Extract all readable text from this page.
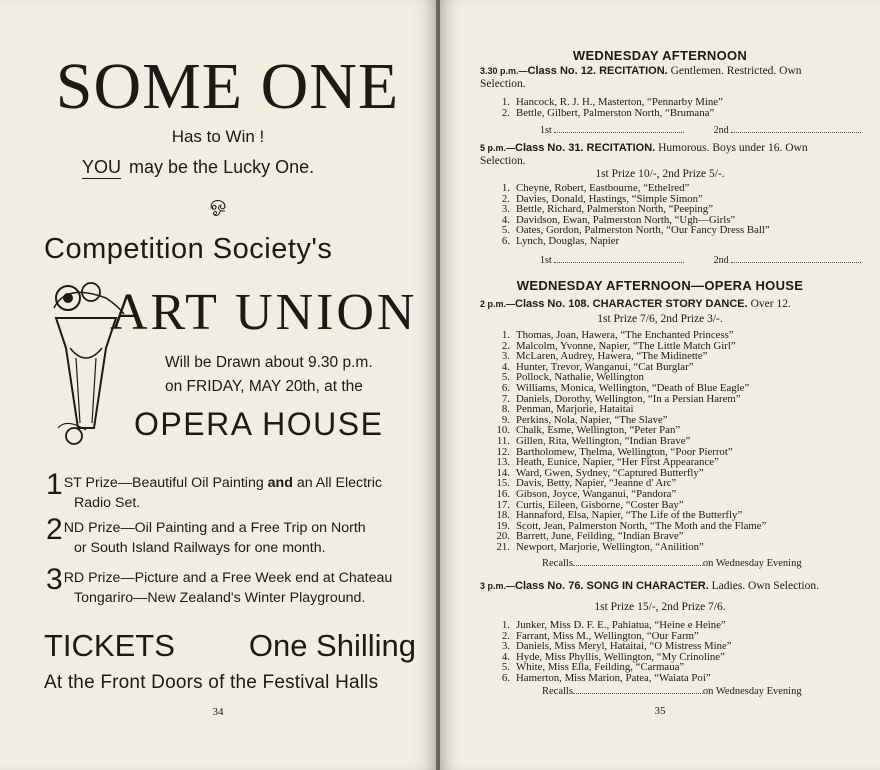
SOME ONE
Has to Win !
YOU may be the Lucky One.
ஓ
Competition Society's
ART UNION
Will be Drawn about 9.30 p.m.
on FRIDAY, MAY 20th, at the
OPERA HOUSE
1 ST Prize—Beautiful Oil Painting and an All Electric
Radio Set.
2 ND Prize—Oil Painting and a Free Trip on North
or South Island Railways for one month.
3 RD Prize—Picture and a Free Week end at Chateau
Tongariro—New Zealand's Winter Playground.
TICKETS One Shilling
At the Front Doors of the Festival Halls
34
WEDNESDAY AFTERNOON
3.30 p.m.—Class No. 12. RECITATION. Gentlemen. Restricted. Own Selection.
1. Hancock, R. J. H., Masterton, “Pennarby Mine”
2. Bettle, Gilbert, Palmerston North, “Brumana”
1st	2nd
5 p.m.—Class No. 31. RECITATION. Humorous. Boys under 16. Own Selection.
1st Prize 10/-, 2nd Prize 5/-.
1. Cheyne, Robert, Eastbourne, “Ethelred”
2. Davies, Donald, Hastings, “Simple Simon”
3. Bettle, Richard, Palmerston North, “Peeping”
4. Davidson, Ewan, Palmerston North, “Ugh—Girls”
5. Oates, Gordon, Palmerston North, “Our Fancy Dress Ball”
6. Lynch, Douglas, Napier
1st	2nd
WEDNESDAY AFTERNOON—OPERA HOUSE
2 p.m.—Class No. 108. CHARACTER STORY DANCE. Over 12.
1st Prize 7/6, 2nd Prize 3/-.
1. Thomas, Joan, Hawera, “The Enchanted Princess”
2. Malcolm, Yvonne, Napier, “The Little Match Girl”
3. McLaren, Audrey, Hawera, “The Midinette”
4. Hunter, Trevor, Wanganui, “Cat Burglar”
5. Pollock, Nathalie, Wellington
6. Williams, Monica, Wellington, “Death of Blue Eagle”
7. Daniels, Dorothy, Wellington, “In a Persian Harem”
8. Penman, Marjorie, Hataitai
9. Perkins, Nola, Napier, “The Slave”
10. Chalk, Esme, Wellington, “Peter Pan”
11. Gillen, Rita, Wellington, “Indian Brave”
12. Bartholomew, Thelma, Wellington, “Poor Pierrot”
13. Heath, Eunice, Napier, “Her First Appearance”
14. Ward, Gwen, Sydney, “Captured Butterfly”
15. Davis, Betty, Napier, “Jeanne d' Arc”
16. Gibson, Joyce, Wanganui, “Pandora”
17. Curtis, Eileen, Gisborne, “Coster Bay”
18. Hannaford, Elsa, Napier, “The Life of the Butterfly”
19. Scott, Jean, Palmerston North, “The Moth and the Flame”
20. Barrett, June, Feilding, “Indian Brave”
21. Newport, Marjorie, Wellington, “Anilition”
Recalls	on Wednesday Evening
3 p.m.—Class No. 76. SONG IN CHARACTER. Ladies. Own Selection.
1st Prize 15/-, 2nd Prize 7/6.
1. Junker, Miss D. F. E., Pahiatua, “Heine e Heine”
2. Farrant, Miss M., Wellington, “Our Farm”
3. Daniels, Miss Meryl, Hataitai, “O Mistress Mine”
4. Hyde, Miss Phyllis, Wellington, “My Crinoline”
5. White, Miss Ella, Feilding, “Carmaua”
6. Hamerton, Miss Marion, Patea, “Waiata Poi”
Recalls	on Wednesday Evening
35
